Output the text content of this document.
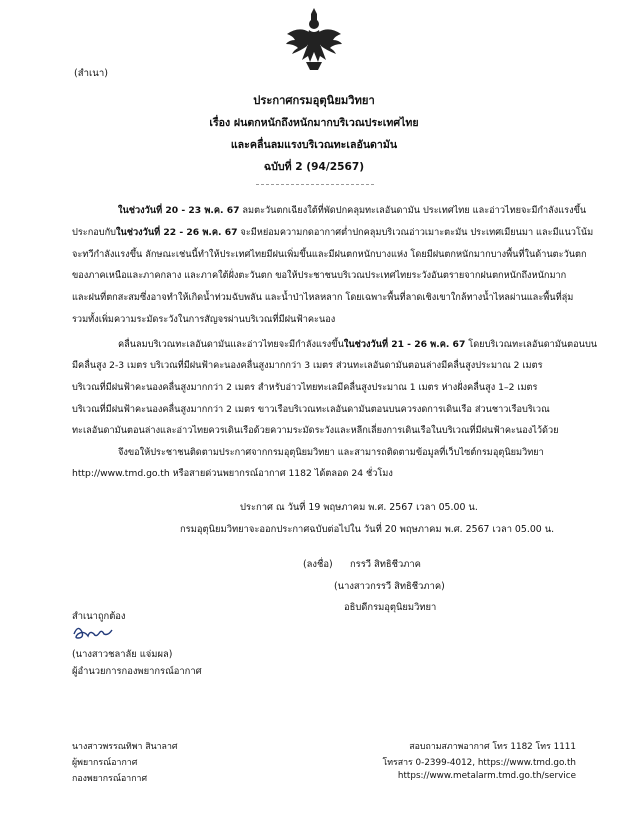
(สำเนา)
ประกาศกรมอุตุนิยมวิทยา
เรื่อง ฝนตกหนักถึงหนักมากบริเวณประเทศไทย
และคลื่นลมแรงบริเวณทะเลอันดามัน
ฉบับที่ 2 (94/2567)
ในช่วงวันที่ 20 - 23 พ.ค. 67 ลมตะวันตกเฉียงใต้ที่พัดปกคลุมทะเลอันดามัน ประเทศไทย และอ่าวไทยจะมีกำลังแรงขึ้น
ประกอบกับในช่วงวันที่ 22 - 26 พ.ค. 67 จะมีหย่อมความกดอากาศต่ำปกคลุมบริเวณอ่าวเมาะตะมัน ประเทศเมียนมา และมีแนวโน้ม
จะทวีกำลังแรงขึ้น ลักษณะเช่นนี้ทำให้ประเทศไทยมีฝนเพิ่มขึ้นและมีฝนตกหนักบางแห่ง โดยมีฝนตกหนักมากบางพื้นที่ในด้านตะวันตก
ของภาคเหนือและภาคกลาง และภาคใต้ฝั่งตะวันตก ขอให้ประชาชนบริเวณประเทศไทยระวังอันตรายจากฝนตกหนักถึงหนักมาก
และฝนที่ตกสะสมซึ่งอาจทำให้เกิดน้ำท่วมฉับพลัน และน้ำป่าไหลหลาก โดยเฉพาะพื้นที่ลาดเชิงเขาใกล้ทางน้ำไหลผ่านและพื้นที่ลุ่ม
รวมทั้งเพิ่มความระมัดระวังในการสัญจรผ่านบริเวณที่มีฝนฟ้าคะนอง
คลื่นลมบริเวณทะเลอันดามันและอ่าวไทยจะมีกำลังแรงขึ้นในช่วงวันที่ 21 - 26 พ.ค. 67 โดยบริเวณทะเลอันดามันตอนบน
มีคลื่นสูง 2-3 เมตร บริเวณที่มีฝนฟ้าคะนองคลื่นสูงมากกว่า 3 เมตร ส่วนทะเลอันดามันตอนล่างมีคลื่นสูงประมาณ 2 เมตร
บริเวณที่มีฝนฟ้าคะนองคลื่นสูงมากกว่า 2 เมตร สำหรับอ่าวไทยทะเลมีคลื่นสูงประมาณ 1 เมตร ห่างฝั่งคลื่นสูง 1–2 เมตร
บริเวณที่มีฝนฟ้าคะนองคลื่นสูงมากกว่า 2 เมตร ขาวเรือบริเวณทะเลอันดามันตอนบนควรงดการเดินเรือ ส่วนชาวเรือบริเวณ
ทะเลอันดามันตอนล่างและอ่าวไทยควรเดินเรือด้วยความระมัดระวังและหลีกเลี่ยงการเดินเรือในบริเวณที่มีฝนฟ้าคะนองไว้ด้วย
จึงขอให้ประชาชนติดตามประกาศจากกรมอุตุนิยมวิทยา และสามารถติดตามข้อมูลที่เว็บไซต์กรมอุตุนิยมวิทยา
http://www.tmd.go.th หรือสายด่วนพยากรณ์อากาศ 1182 ได้ตลอด 24 ชั่วโมง
ประกาศ ณ วันที่ 19 พฤษภาคม พ.ศ. 2567 เวลา 05.00 น.
กรมอุตุนิยมวิทยาจะออกประกาศฉบับต่อไปใน วันที่ 20 พฤษภาคม พ.ศ. 2567 เวลา 05.00 น.
(ลงชื่อ) กรรวี สิทธิชีวภาค
(นางสาวกรรวี สิทธิชีวภาค)
อธิบดีกรมอุตุนิยมวิทยา
สำเนาถูกต้อง
(นางสาวชลาลัย แจ่มผล)
ผู้อำนวยการกองพยากรณ์อากาศ
นางสาวพรรณทิพา สินาลาศ
ผู้พยากรณ์อากาศ
กองพยากรณ์อากาศ
สอบถามสภาพอากาศ โทร 1182 โทร 1111
โทรสาร 0-2399-4012, https://www.tmd.go.th
https://www.metalarm.tmd.go.th/service
